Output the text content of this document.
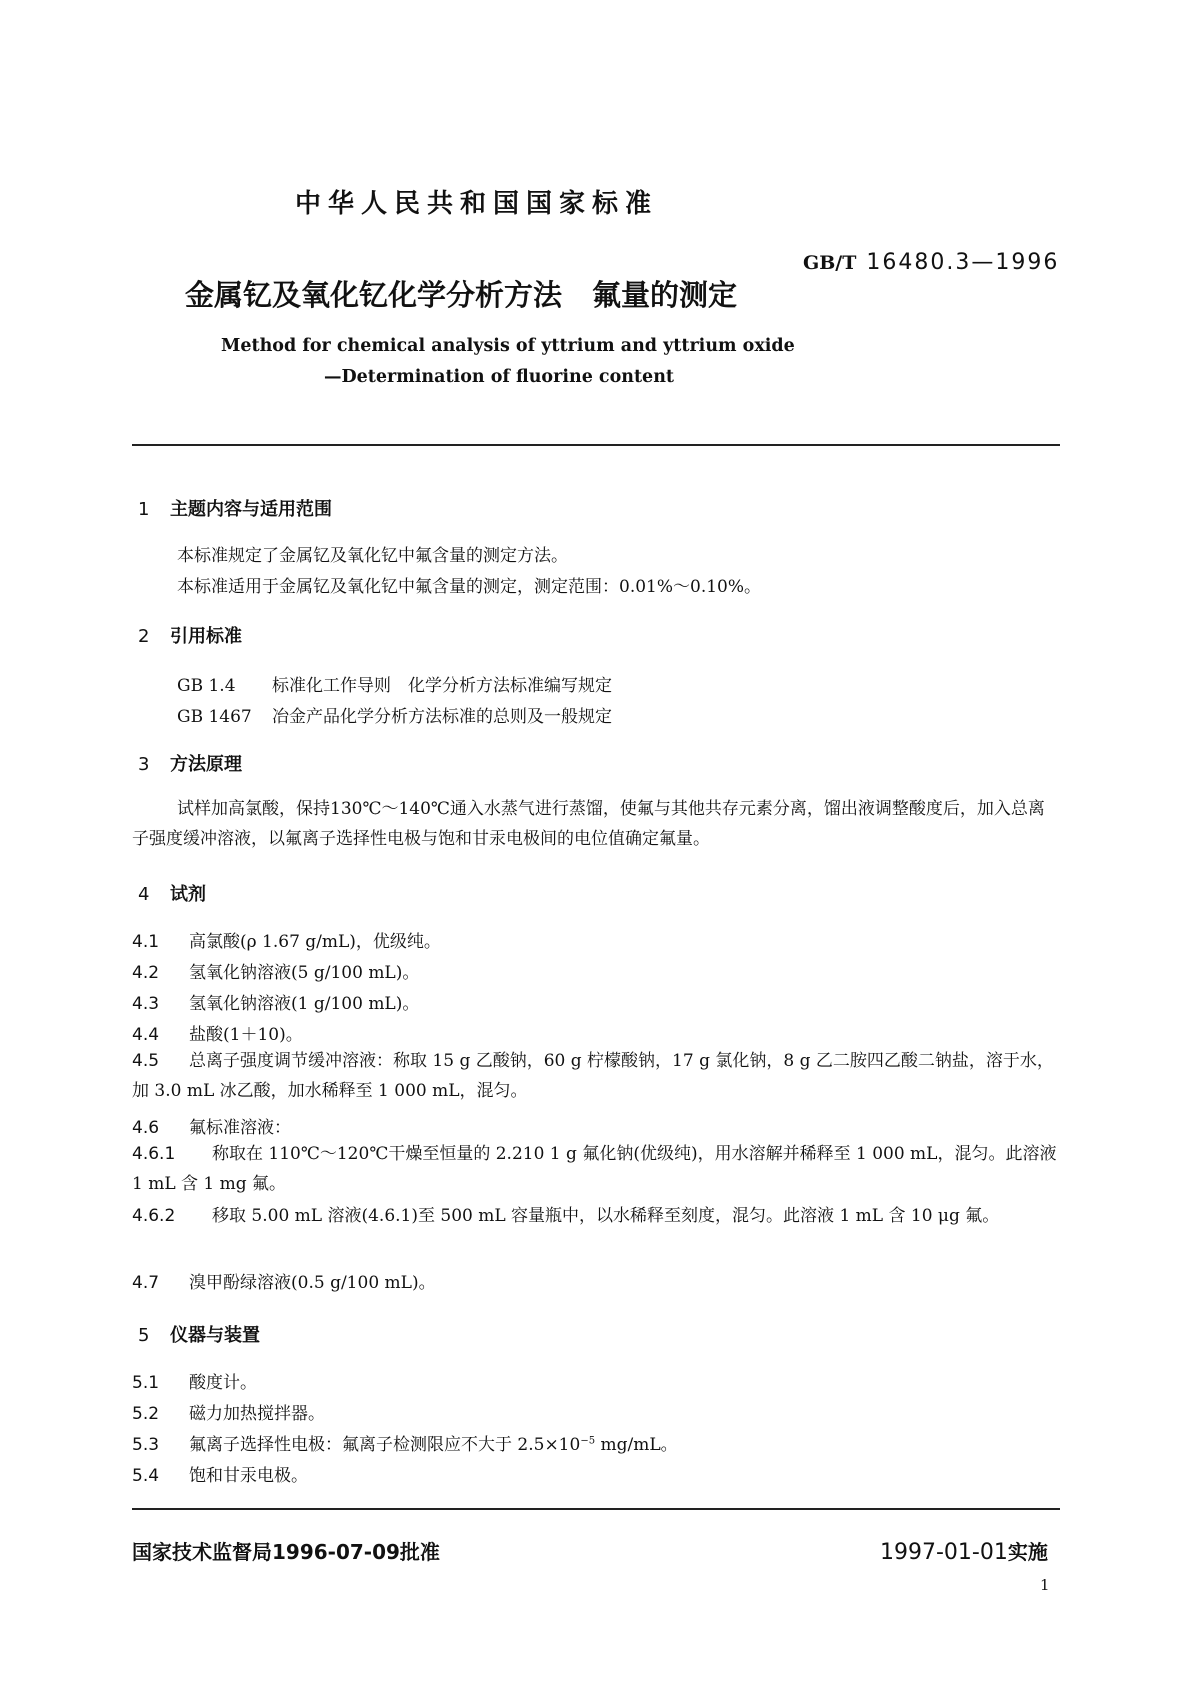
中华人民共和国国家标准
GB/T 16480.3—1996
金属钇及氧化钇化学分析方法 氟量的测定
Method for chemical analysis of yttrium and yttrium oxide
—Determination of fluorine content
1 主题内容与适用范围
本标准规定了金属钇及氧化钇中氟含量的测定方法。
本标准适用于金属钇及氧化钇中氟含量的测定，测定范围：0.01%～0.10%。
2 引用标准
GB 1.4 标准化工作导则　化学分析方法标准编写规定
GB 1467 冶金产品化学分析方法标准的总则及一般规定
3 方法原理
试样加高氯酸，保持130℃～140℃通入水蒸气进行蒸馏，使氟与其他共存元素分离，馏出液调整酸度后，加入总离子强度缓冲溶液，以氟离子选择性电极与饱和甘汞电极间的电位值确定氟量。
4 试剂
4.1 高氯酸(ρ 1.67 g/mL)，优级纯。
4.2 氢氧化钠溶液(5 g/100 mL)。
4.3 氢氧化钠溶液(1 g/100 mL)。
4.4 盐酸(1＋10)。
4.5 总离子强度调节缓冲溶液：称取 15 g 乙酸钠，60 g 柠檬酸钠，17 g 氯化钠，8 g 乙二胺四乙酸二钠盐，溶于水，加 3.0 mL 冰乙酸，加水稀释至 1 000 mL，混匀。
4.6 氟标准溶液：
4.6.1 称取在 110℃～120℃干燥至恒量的 2.210 1 g 氟化钠(优级纯)，用水溶解并稀释至 1 000 mL，混匀。此溶液 1 mL 含 1 mg 氟。
4.6.2 移取 5.00 mL 溶液(4.6.1)至 500 mL 容量瓶中，以水稀释至刻度，混匀。此溶液 1 mL 含 10 μg 氟。
4.7 溴甲酚绿溶液(0.5 g/100 mL)。
5 仪器与装置
5.1 酸度计。
5.2 磁力加热搅拌器。
5.3 氟离子选择性电极：氟离子检测限应不大于 $2.5\times 10^{-5}$ mg/mL。
5.4 饱和甘汞电极。
国家技术监督局1996-07-09批准	1997-01-01实施
1
